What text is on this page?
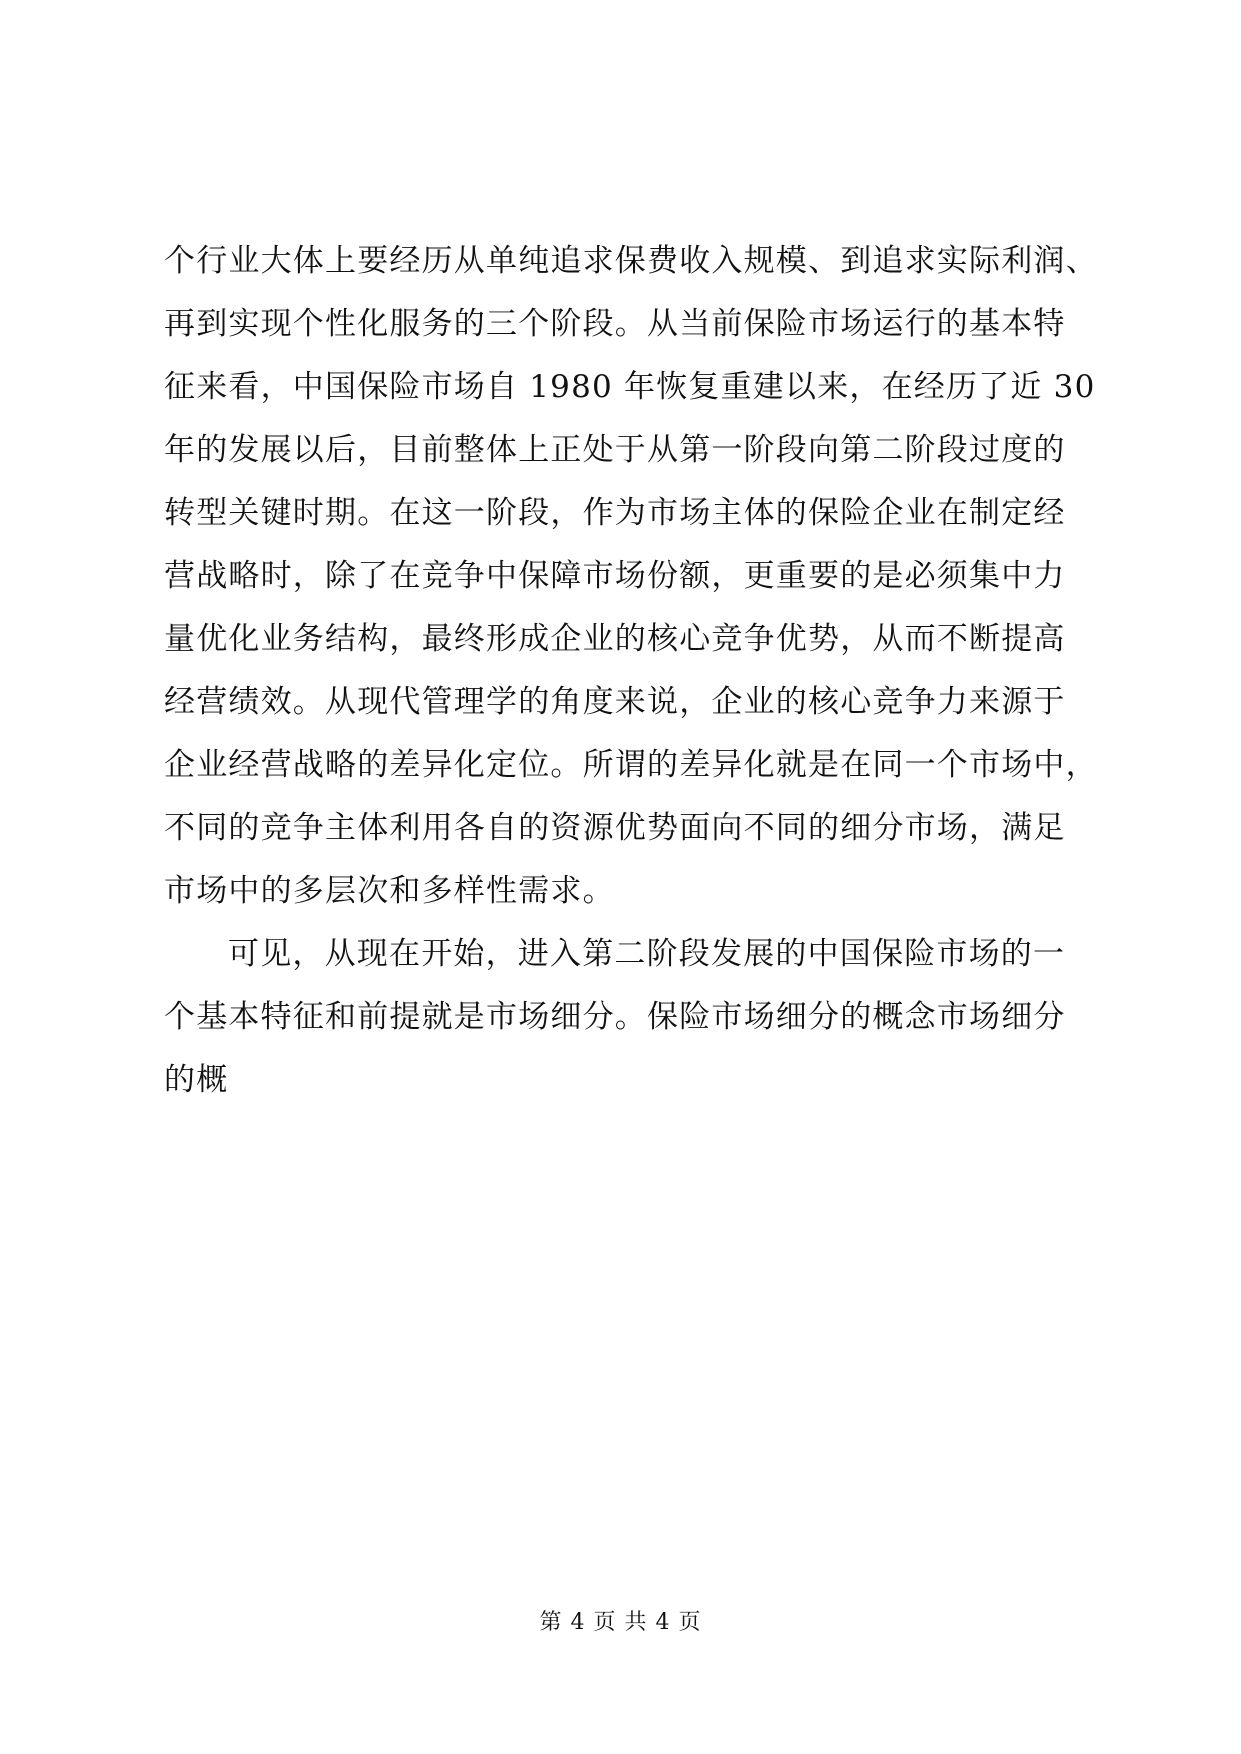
个行业大体上要经历从单纯追求保费收入规模、到追求实际利润、
再到实现个性化服务的三个阶段。从当前保险市场运行的基本特
征来看，中国保险市场自 1980 年恢复重建以来，在经历了近 30
年的发展以后，目前整体上正处于从第一阶段向第二阶段过度的
转型关键时期。在这一阶段，作为市场主体的保险企业在制定经
营战略时，除了在竞争中保障市场份额，更重要的是必须集中力
量优化业务结构，最终形成企业的核心竞争优势，从而不断提高
经营绩效。从现代管理学的角度来说，企业的核心竞争力来源于
企业经营战略的差异化定位。所谓的差异化就是在同一个市场中，
不同的竞争主体利用各自的资源优势面向不同的细分市场，满足
市场中的多层次和多样性需求。
可见，从现在开始，进入第二阶段发展的中国保险市场的一
个基本特征和前提就是市场细分。保险市场细分的概念市场细分
的概
第 4 页 共 4 页
